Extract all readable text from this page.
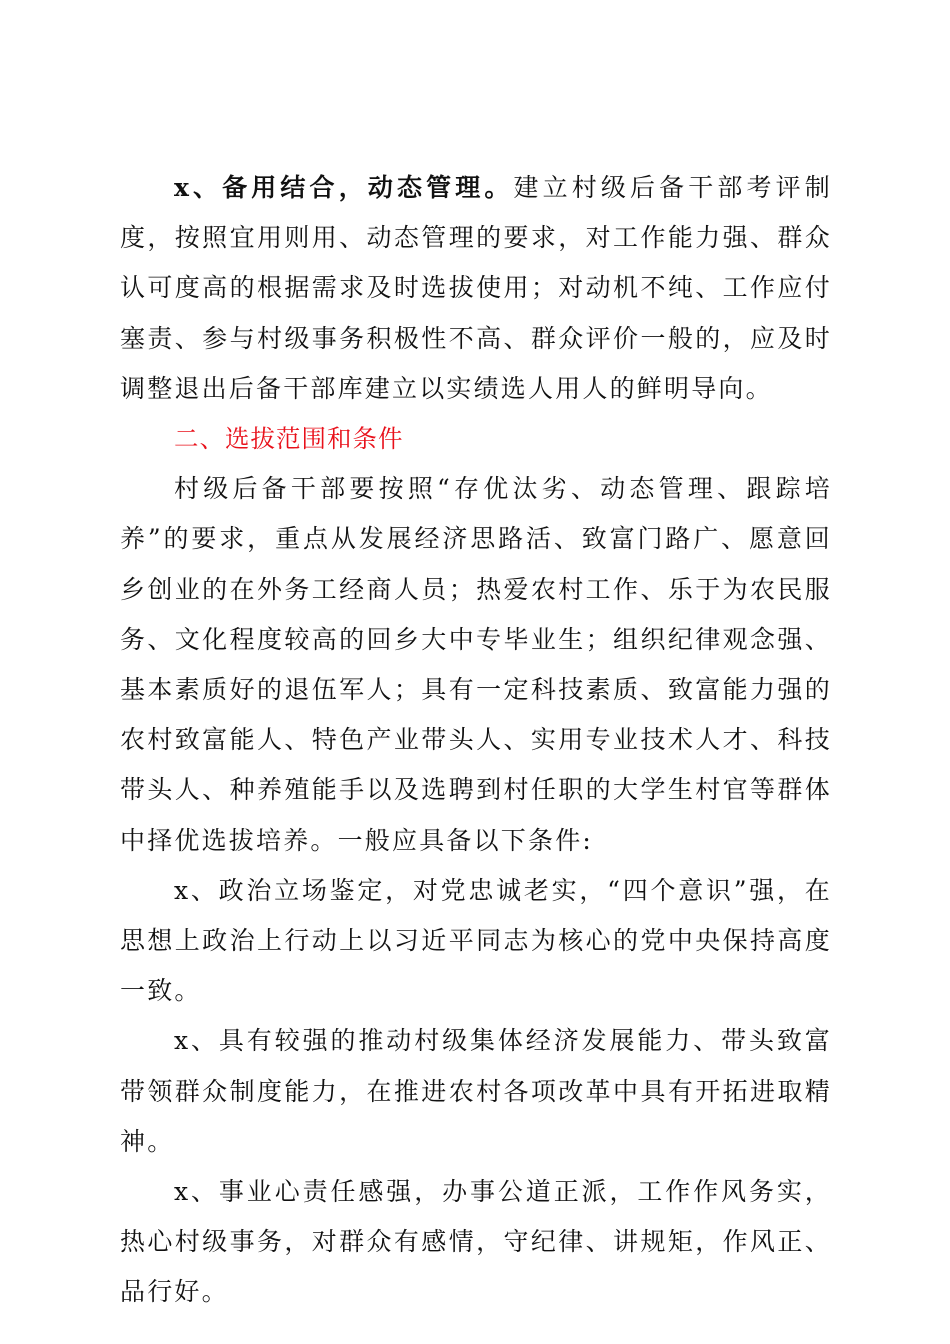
x、备用结合，动态管理。建立村级后备干部考评制度，按照宜用则用、动态管理的要求，对工作能力强、群众认可度高的根据需求及时选拔使用；对动机不纯、工作应付塞责、参与村级事务积极性不高、群众评价一般的，应及时调整退出后备干部库建立以实绩选人用人的鲜明导向。

二、选拔范围和条件

村级后备干部要按照“存优汰劣、动态管理、跟踪培养”的要求，重点从发展经济思路活、致富门路广、愿意回乡创业的在外务工经商人员；热爱农村工作、乐于为农民服务、文化程度较高的回乡大中专毕业生；组织纪律观念强、基本素质好的退伍军人；具有一定科技素质、致富能力强的农村致富能人、特色产业带头人、实用专业技术人才、科技带头人、种养殖能手以及选聘到村任职的大学生村官等群体中择优选拔培养。一般应具备以下条件:

x、政治立场鉴定，对党忠诚老实，“四个意识”强，在思想上政治上行动上以习近平同志为核心的党中央保持高度一致。

x、具有较强的推动村级集体经济发展能力、带头致富带领群众制度能力，在推进农村各项改革中具有开拓进取精神。

x、事业心责任感强，办事公道正派，工作作风务实，热心村级事务，对群众有感情，守纪律、讲规矩，作风正、品行好。
